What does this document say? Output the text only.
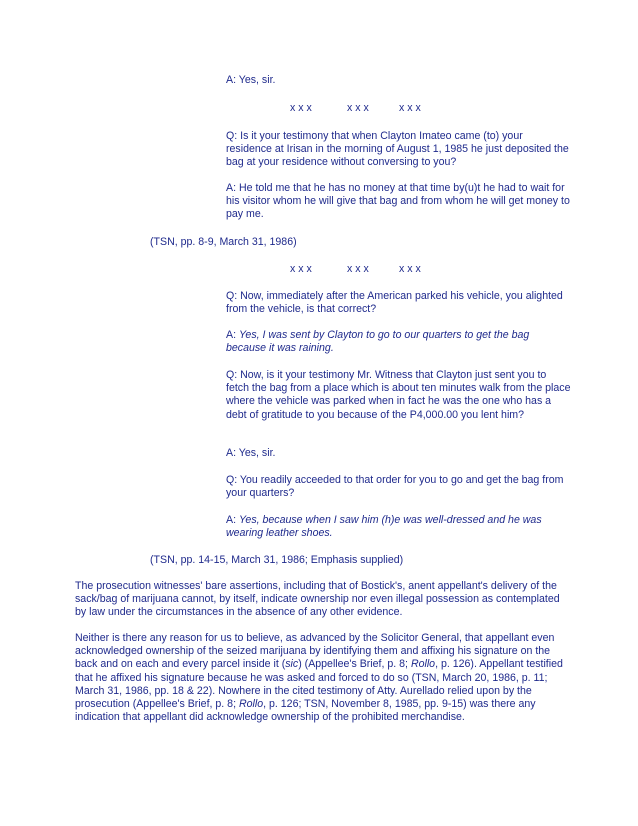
A: Yes, sir.

x x x	x x x	x x x

Q: Is it your testimony that when Clayton Imateo came (to) your residence at Irisan in the morning of August 1, 1985 he just deposited the bag at your residence without conversing to you?

A: He told me that he has no money at that time by(u)t he had to wait for his visitor whom he will give that bag and from whom he will get money to pay me.

(TSN, pp. 8-9, March 31, 1986)

x x x	x x x	x x x

Q: Now, immediately after the American parked his vehicle, you alighted from the vehicle, is that correct?

A: Yes, I was sent by Clayton to go to our quarters to get the bag because it was raining.

Q: Now, is it your testimony Mr. Witness that Clayton just sent you to fetch the bag from a place which is about ten minutes walk from the place where the vehicle was parked when in fact he was the one who has a debt of gratitude to you because of the P4,000.00 you lent him?

A: Yes, sir.

Q: You readily acceeded to that order for you to go and get the bag from your quarters?

A: Yes, because when I saw him (h)e was well-dressed and he was wearing leather shoes.

(TSN, pp. 14-15, March 31, 1986; Emphasis supplied)

The prosecution witnesses' bare assertions, including that of Bostick's, anent appellant's delivery of the sack/bag of marijuana cannot, by itself, indicate ownership nor even illegal possession as contemplated by law under the circumstances in the absence of any other evidence.

Neither is there any reason for us to believe, as advanced by the Solicitor General, that appellant even acknowledged ownership of the seized marijuana by identifying them and affixing his signature on the back and on each and every parcel inside it (sic) (Appellee's Brief, p. 8; Rollo, p. 126). Appellant testified that he affixed his signature because he was asked and forced to do so (TSN, March 20, 1986, p. 11; March 31, 1986, pp. 18 & 22). Nowhere in the cited testimony of Atty. Aurellado relied upon by the prosecution (Appellee's Brief, p. 8; Rollo, p. 126; TSN, November 8, 1985, pp. 9-15) was there any indication that appellant did acknowledge ownership of the prohibited merchandise.
